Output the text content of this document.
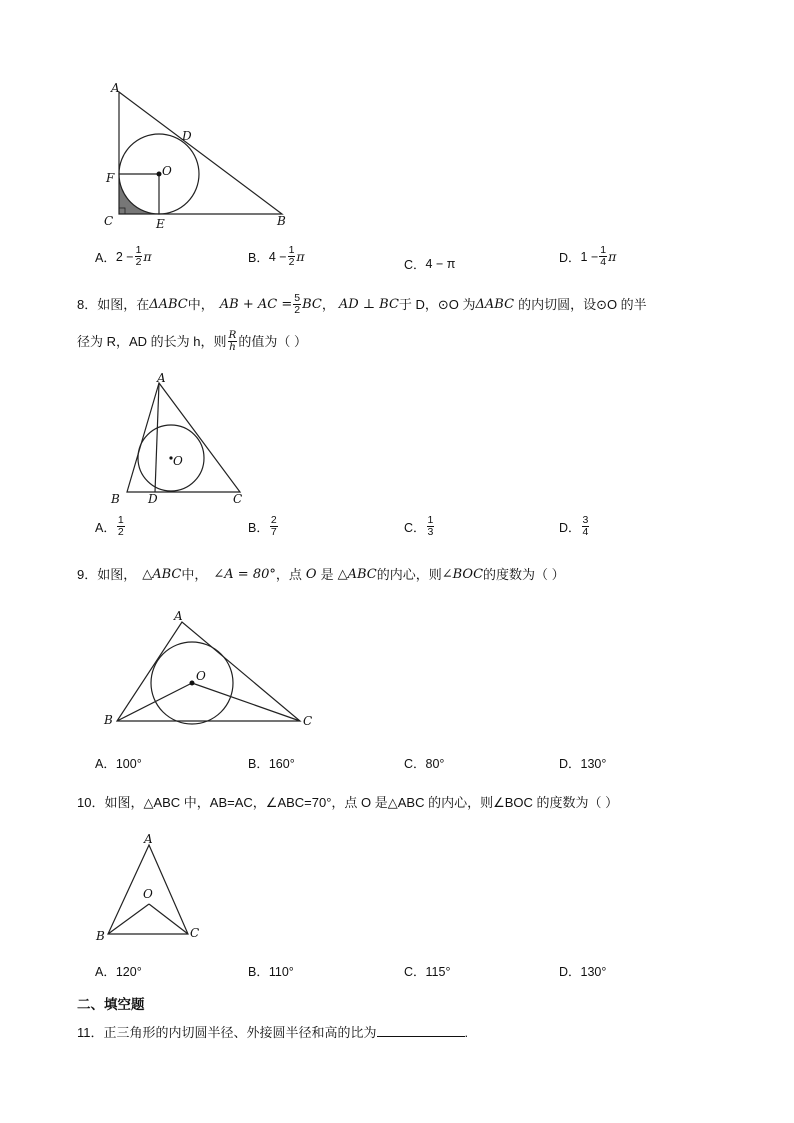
A
D
O
F
C	E	B
A． $2 - \frac{1}{2}$ π	B． $4 - \frac{1}{2}$ π
C． 4 − π	D． $1 - \frac{1}{4}$ π
8．如图，在 ΔABC 中， AB + AC = $\frac{5}{2}$ BC ， AD ⊥ BC 于 D，⊙O 为 ΔABC 的内切圆，设⊙O 的半
径为 R，AD 的长为 h，则 $\frac{R}{h}$ 的值为（ ）
A
O
B D	C
A． $\frac{1}{2}$	B． $\frac{2}{7}$	C． $\frac{1}{3}$	D． $\frac{3}{4}$
9．如图， △ABC 中， ∠A = 80° ，点 O 是 △ABC 的内心，则 ∠BOC 的度数为（ ）
A
O
B	C
A．100°	B．160°	C．80°	D．130°
10．如图，△ABC 中，AB=AC，∠ABC=70°，点 O 是△ABC 的内心，则∠BOC 的度数为（ ）
A
O
B	C
A．120°	B．110°	C．115°	D．130°
二、填空题
11．正三角形的内切圆半径、外接圆半径和高的比为	.
